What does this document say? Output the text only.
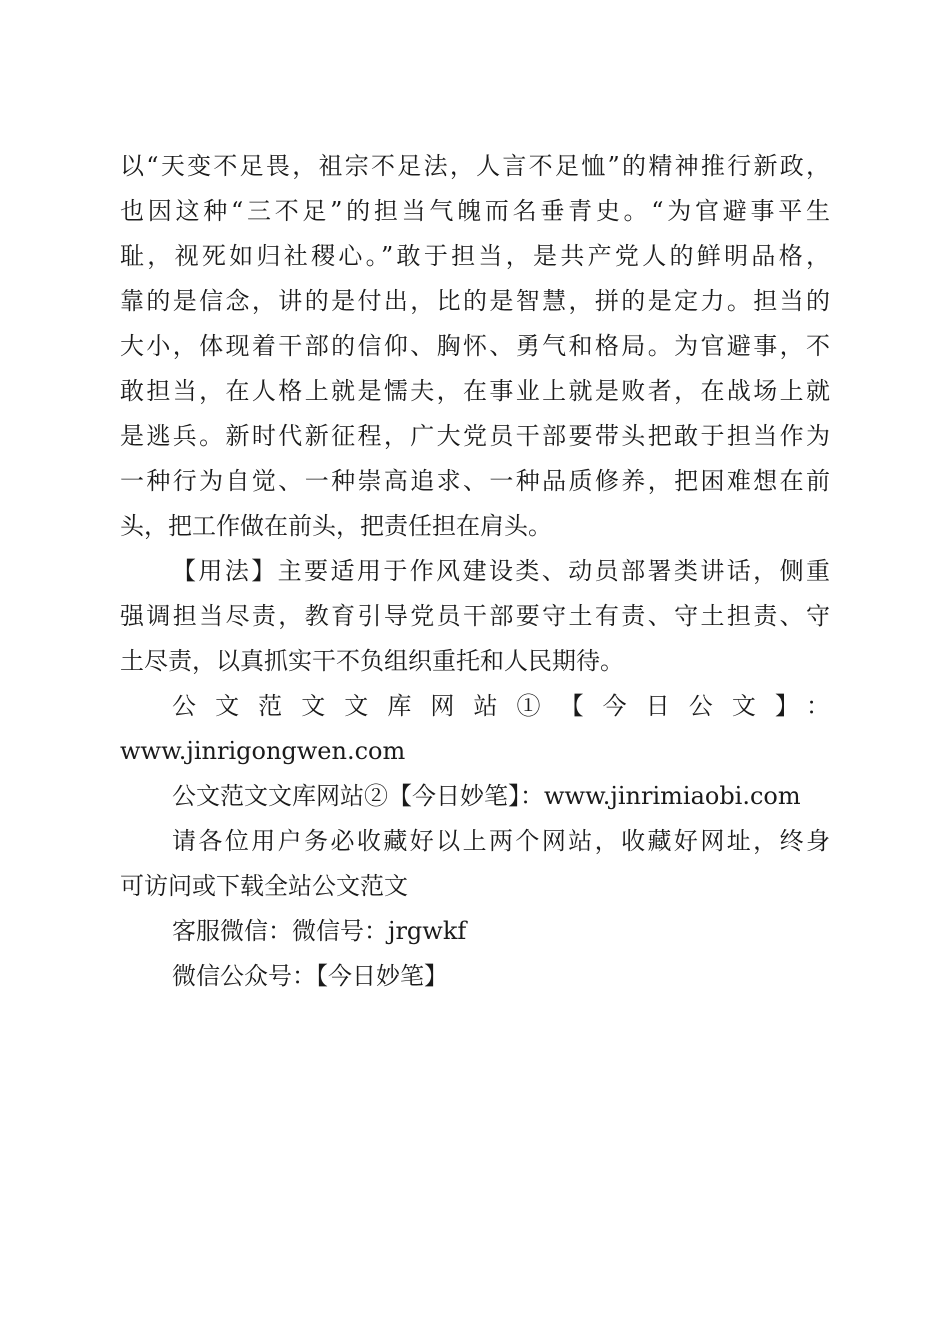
以“天变不足畏，祖宗不足法，人言不足恤”的精神推行新政，
也因这种“三不足”的担当气魄而名垂青史。“为官避事平生
耻，视死如归社稷心。”敢于担当，是共产党人的鲜明品格，
靠的是信念，讲的是付出，比的是智慧，拼的是定力。担当的
大小，体现着干部的信仰、胸怀、勇气和格局。为官避事，不
敢担当，在人格上就是懦夫，在事业上就是败者，在战场上就
是逃兵。新时代新征程，广大党员干部要带头把敢于担当作为
一种行为自觉、一种崇高追求、一种品质修养，把困难想在前
头，把工作做在前头，把责任担在肩头。
【用法】主要适用于作风建设类、动员部署类讲话，侧重
强调担当尽责，教育引导党员干部要守土有责、守土担责、守
土尽责，以真抓实干不负组织重托和人民期待。
公文范文文库网站①【今日公文】：
www.jinrigongwen.com
公文范文文库网站②【今日妙笔】：www.jinrimiaobi.com
请各位用户务必收藏好以上两个网站，收藏好网址，终身
可访问或下载全站公文范文
客服微信：微信号：jrgwkf
微信公众号：【今日妙笔】
